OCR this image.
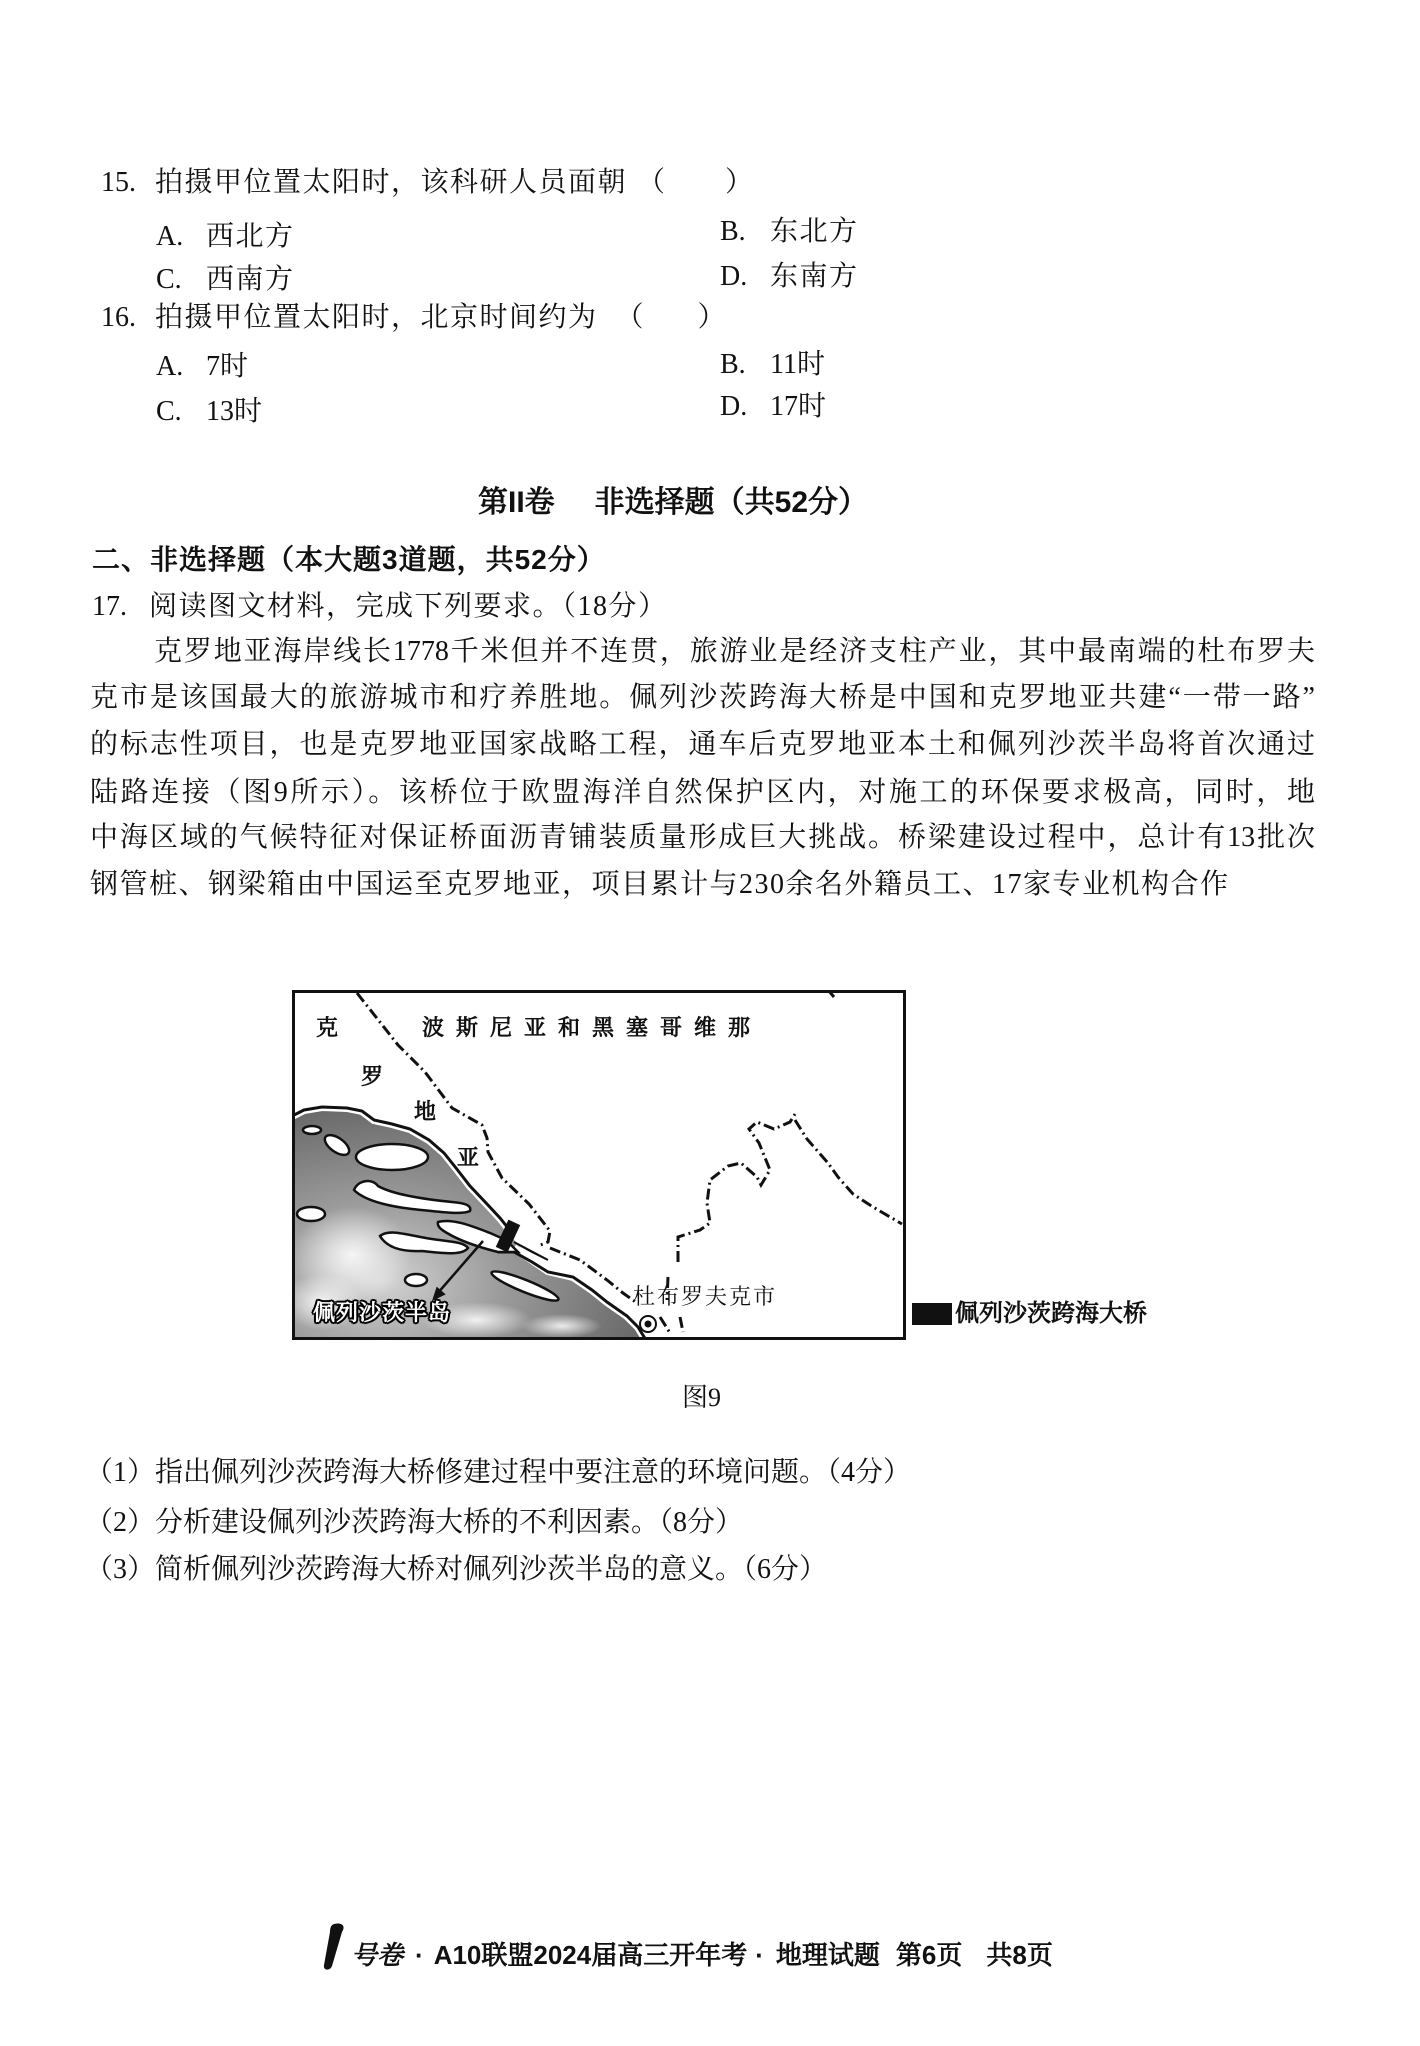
15. 拍摄甲位置太阳时，该科研人员面朝 （ ）
A. 西北方	B. 东北方
C. 西南方	D. 东南方
16. 拍摄甲位置太阳时，北京时间约为 （ ）
A. 7时	B. 11时
C. 13时	D. 17时
第II卷 非选择题（共52分）
二、非选择题（本大题3道题，共52分）
17. 阅读图文材料，完成下列要求。（18分）
克罗地亚海岸线长1778千米但并不连贯，旅游业是经济支柱产业，其中最南端的杜布罗夫
克市是该国最大的旅游城市和疗养胜地。佩列沙茨跨海大桥是中国和克罗地亚共建“一带一路”
的标志性项目，也是克罗地亚国家战略工程，通车后克罗地亚本土和佩列沙茨半岛将首次通过
陆路连接（图9所示）。该桥位于欧盟海洋自然保护区内，对施工的环保要求极高，同时，地
中海区域的气候特征对保证桥面沥青铺装质量形成巨大挑战。桥梁建设过程中，总计有13批次
钢管桩、钢梁箱由中国运至克罗地亚，项目累计与230余名外籍员工、17家专业机构合作
克
罗
地
亚
波斯尼亚和黑塞哥维那
杜布罗夫克市
佩列沙茨半岛	佩列沙茨跨海大桥
图9
（1）指出佩列沙茨跨海大桥修建过程中要注意的环境问题。（4分）
（2）分析建设佩列沙茨跨海大桥的不利因素。（8分）
（3）简析佩列沙茨跨海大桥对佩列沙茨半岛的意义。（6分）
号卷 · A10联盟2024届高三开年考 · 地理试题 第6页 共8页
